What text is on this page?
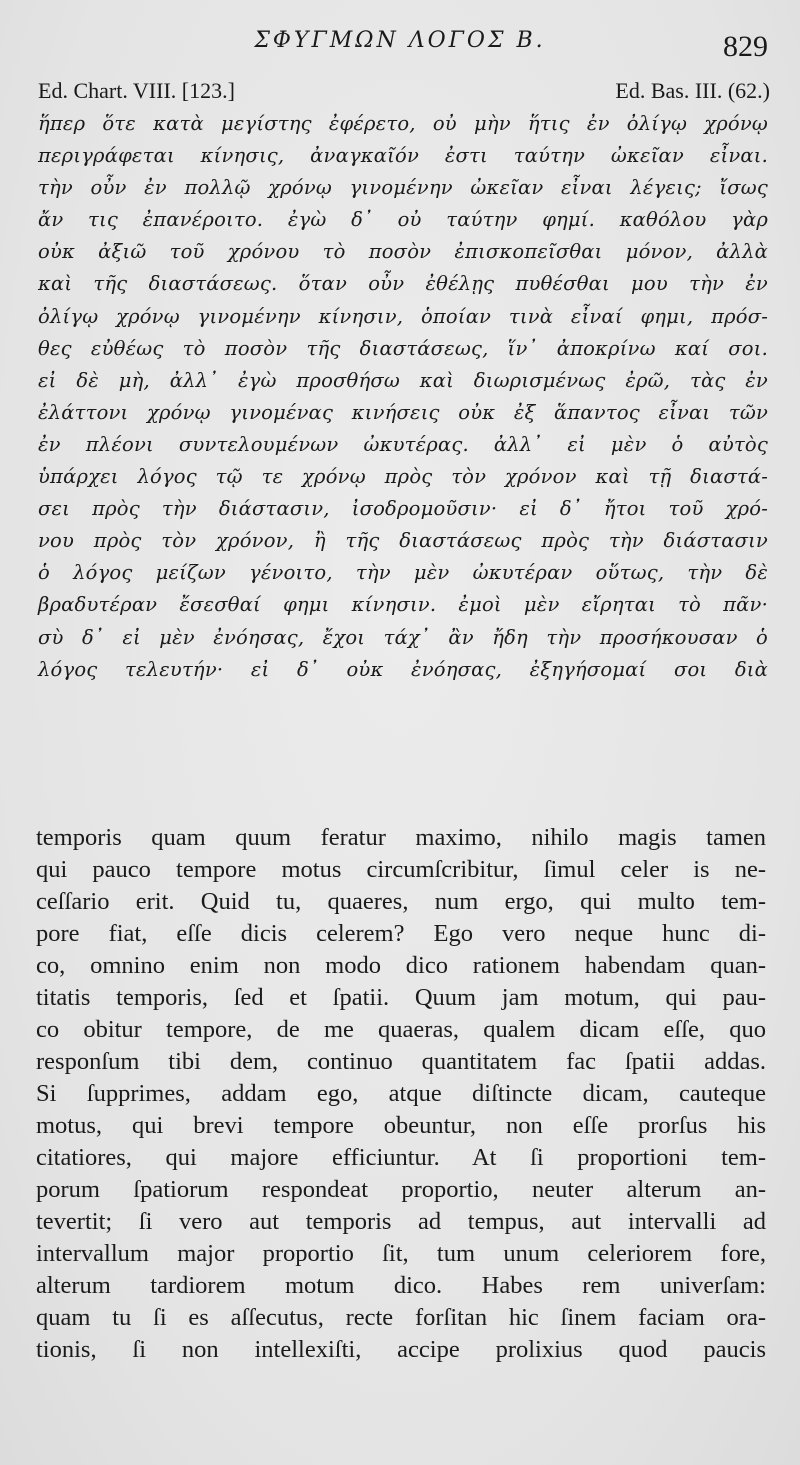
ΣΦΥΓΜΩΝ ΛΟΓΟΣ Β.	829
Ed. Chart. VIII. [123.]	Ed. Bas. III. (62.)
ἥπερ ὅτε κατὰ μεγίστης ἐφέρετο, οὐ μὴν ἥτις ἐν ὀλίγῳ χρόνῳ
περιγράφεται κίνησις, ἀναγκαῖόν ἐστι ταύτην ὠκεῖαν εἶναι.
τὴν οὖν ἐν πολλῷ χρόνῳ γινομένην ὠκεῖαν εἶναι λέγεις; ἴσως
ἄν τις ἐπανέροιτο. ἐγὼ δ᾽ οὐ ταύτην φημί. καθόλου γὰρ
οὐκ ἀξιῶ τοῦ χρόνου τὸ ποσὸν ἐπισκοπεῖσθαι μόνον, ἀλλὰ
καὶ τῆς διαστάσεως. ὅταν οὖν ἐθέλῃς πυθέσθαι μου τὴν ἐν
ὀλίγῳ χρόνῳ γινομένην κίνησιν, ὁποίαν τινὰ εἶναί φημι, πρόσ-
θες εὐθέως τὸ ποσὸν τῆς διαστάσεως, ἵν᾽ ἀποκρίνω καί σοι.
εἰ δὲ μὴ, ἀλλ᾽ ἐγὼ προσθήσω καὶ διωρισμένως ἐρῶ, τὰς ἐν
ἐλάττονι χρόνῳ γινομένας κινήσεις οὐκ ἐξ ἅπαντος εἶναι τῶν
ἐν πλέονι συντελουμένων ὠκυτέρας. ἀλλ᾽ εἰ μὲν ὁ αὐτὸς
ὑπάρχει λόγος τῷ τε χρόνῳ πρὸς τὸν χρόνον καὶ τῇ διαστά-
σει πρὸς τὴν διάστασιν, ἰσοδρομοῦσιν· εἰ δ᾽ ἤτοι τοῦ χρό-
νου πρὸς τὸν χρόνον, ἢ τῆς διαστάσεως πρὸς τὴν διάστασιν
ὁ λόγος μείζων γένοιτο, τὴν μὲν ὠκυτέραν οὕτως, τὴν δὲ
βραδυτέραν ἔσεσθαί φημι κίνησιν. ἐμοὶ μὲν εἴρηται τὸ πᾶν·
σὺ δ᾽ εἰ μὲν ἐνόησας, ἔχοι τάχ᾽ ἂν ἤδη τὴν προσήκουσαν ὁ
λόγος τελευτήν· εἰ δ᾽ οὐκ ἐνόησας, ἐξηγήσομαί σοι διὰ
temporis quam quum feratur maximo, nihilo magis tamen
qui pauco tempore motus circumſcribitur, ſimul celer is ne-
ceſſario erit. Quid tu, quaeres, num ergo, qui multo tem-
pore fiat, eſſe dicis celerem? Ego vero neque hunc di-
co, omnino enim non modo dico rationem habendam quan-
titatis temporis, ſed et ſpatii. Quum jam motum, qui pau-
co obitur tempore, de me quaeras, qualem dicam eſſe, quo
responſum tibi dem, continuo quantitatem fac ſpatii addas.
Si ſupprimes, addam ego, atque diſtincte dicam, cauteque
motus, qui brevi tempore obeuntur, non eſſe prorſus his
citatiores, qui majore efficiuntur. At ſi proportioni tem-
porum ſpatiorum respondeat proportio, neuter alterum an-
tevertit; ſi vero aut temporis ad tempus, aut intervalli ad
intervallum major proportio ſit, tum unum celeriorem fore,
alterum tardiorem motum dico. Habes rem univerſam:
quam tu ſi es aſſecutus, recte forſitan hic ſinem faciam ora-
tionis, ſi non intellexiſti, accipe prolixius quod paucis
